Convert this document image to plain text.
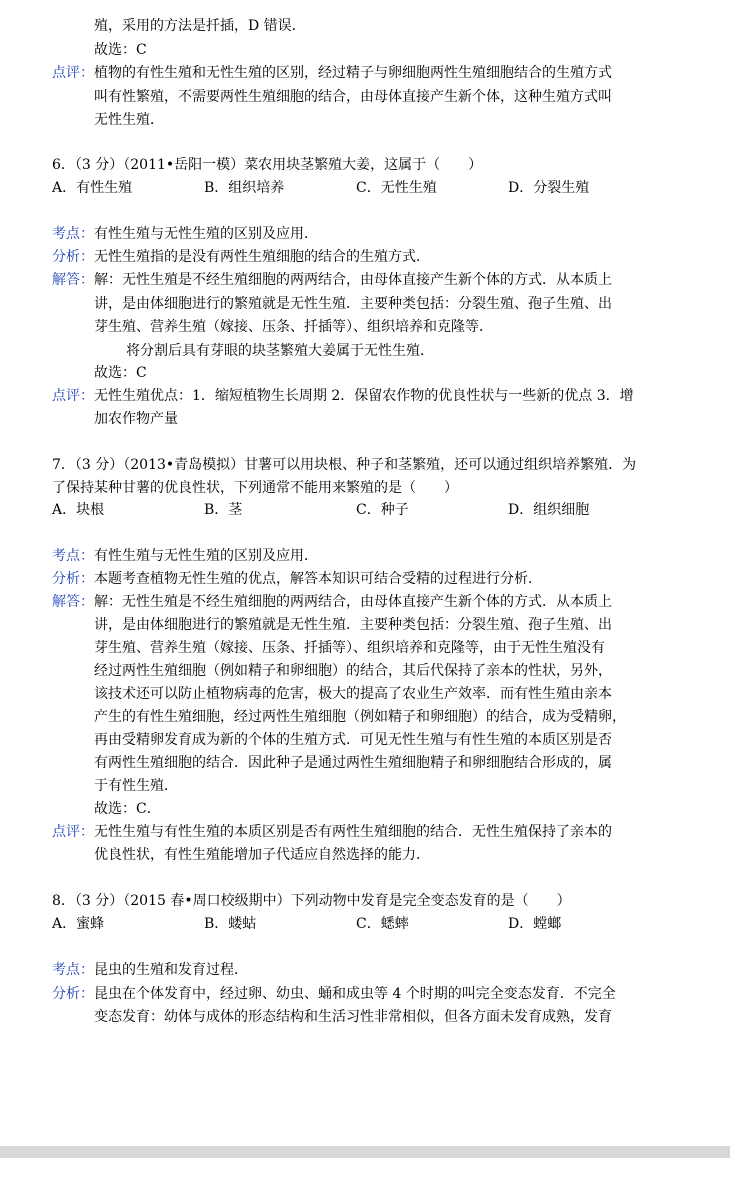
殖，采用的方法是扦插，D 错误．
故选：C
点评： 植物的有性生殖和无性生殖的区别，经过精子与卵细胞两性生殖细胞结合的生殖方式
叫有性繁殖，不需要两性生殖细胞的结合，由母体直接产生新个体，这种生殖方式叫
无性生殖．
6．（3 分）（2011•岳阳一模）菜农用块茎繁殖大姜，这属于（　　）
A．有性生殖	B．组织培养	C．无性生殖	D．分裂生殖
考点： 有性生殖与无性生殖的区别及应用．
分析： 无性生殖指的是没有两性生殖细胞的结合的生殖方式．
解答： 解：无性生殖是不经生殖细胞的两两结合，由母体直接产生新个体的方式．从本质上
讲，是由体细胞进行的繁殖就是无性生殖．主要种类包括：分裂生殖、孢子生殖、出
芽生殖、营养生殖（嫁接、压条、扦插等）、组织培养和克隆等．
将分割后具有芽眼的块茎繁殖大姜属于无性生殖．
故选：C
点评： 无性生殖优点：1．缩短植物生长周期 2．保留农作物的优良性状与一些新的优点 3．增
加农作物产量
7．（3 分）（2013•青岛模拟）甘薯可以用块根、种子和茎繁殖，还可以通过组织培养繁殖．为
了保持某种甘薯的优良性状，下列通常不能用来繁殖的是（　　）
A．块根	B．茎	C．种子	D．组织细胞
考点： 有性生殖与无性生殖的区别及应用．
分析： 本题考查植物无性生殖的优点，解答本知识可结合受精的过程进行分析．
解答： 解：无性生殖是不经生殖细胞的两两结合，由母体直接产生新个体的方式．从本质上
讲，是由体细胞进行的繁殖就是无性生殖．主要种类包括：分裂生殖、孢子生殖、出
芽生殖、营养生殖（嫁接、压条、扦插等）、组织培养和克隆等，由于无性生殖没有
经过两性生殖细胞（例如精子和卵细胞）的结合，其后代保持了亲本的性状，另外，
该技术还可以防止植物病毒的危害，极大的提高了农业生产效率．而有性生殖由亲本
产生的有性生殖细胞，经过两性生殖细胞（例如精子和卵细胞）的结合，成为受精卵，
再由受精卵发育成为新的个体的生殖方式．可见无性生殖与有性生殖的本质区别是否
有两性生殖细胞的结合．因此种子是通过两性生殖细胞精子和卵细胞结合形成的，属
于有性生殖．
故选：C．
点评： 无性生殖与有性生殖的本质区别是否有两性生殖细胞的结合．无性生殖保持了亲本的
优良性状，有性生殖能增加子代适应自然选择的能力．
8．（3 分）（2015 春•周口校级期中）下列动物中发育是完全变态发育的是（　　）
A．蜜蜂	B．蝼蛄	C．蟋蟀	D．螳螂
考点： 昆虫的生殖和发育过程．
分析： 昆虫在个体发育中，经过卵、幼虫、蛹和成虫等 4 个时期的叫完全变态发育．不完全
变态发育：幼体与成体的形态结构和生活习性非常相似，但各方面未发育成熟，发育
